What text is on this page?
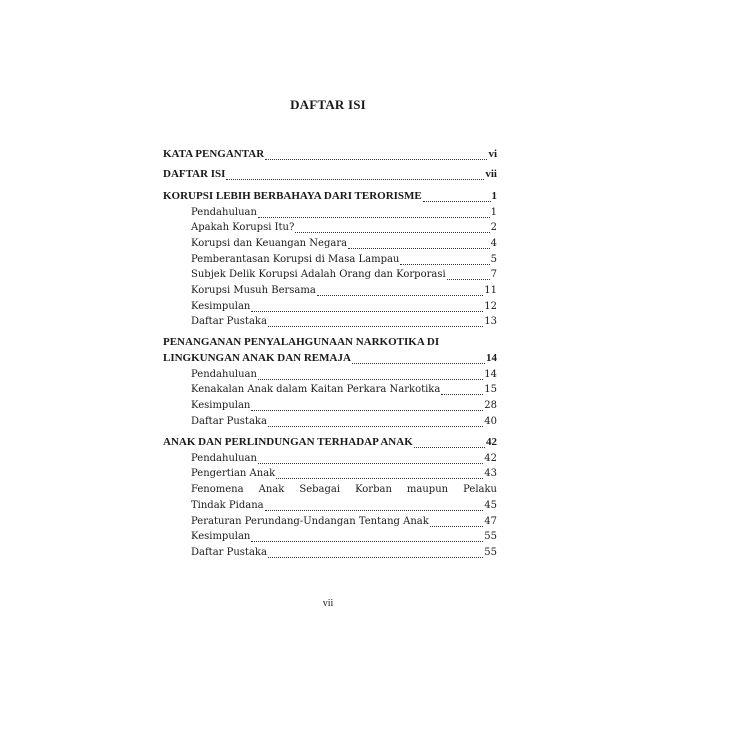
DAFTAR ISI
KATA PENGANTAR	vi
DAFTAR ISI	vii
KORUPSI LEBIH BERBAHAYA DARI TERORISME	1
Pendahuluan	1
Apakah Korupsi Itu?	2
Korupsi dan Keuangan Negara	4
Pemberantasan Korupsi di Masa Lampau	5
Subjek Delik Korupsi Adalah Orang dan Korporasi	7
Korupsi Musuh Bersama	11
Kesimpulan	12
Daftar Pustaka	13
PENANGANAN PENYALAHGUNAAN NARKOTIKA DI
LINGKUNGAN ANAK DAN REMAJA	14
Pendahuluan	14
Kenakalan Anak dalam Kaitan Perkara Narkotika	15
Kesimpulan	28
Daftar Pustaka	40
ANAK DAN PERLINDUNGAN TERHADAP ANAK	42
Pendahuluan	42
Pengertian Anak	43
Fenomena Anak Sebagai Korban maupun Pelaku
Tindak Pidana	45
Peraturan Perundang-Undangan Tentang Anak	47
Kesimpulan	55
Daftar Pustaka	55
vii
